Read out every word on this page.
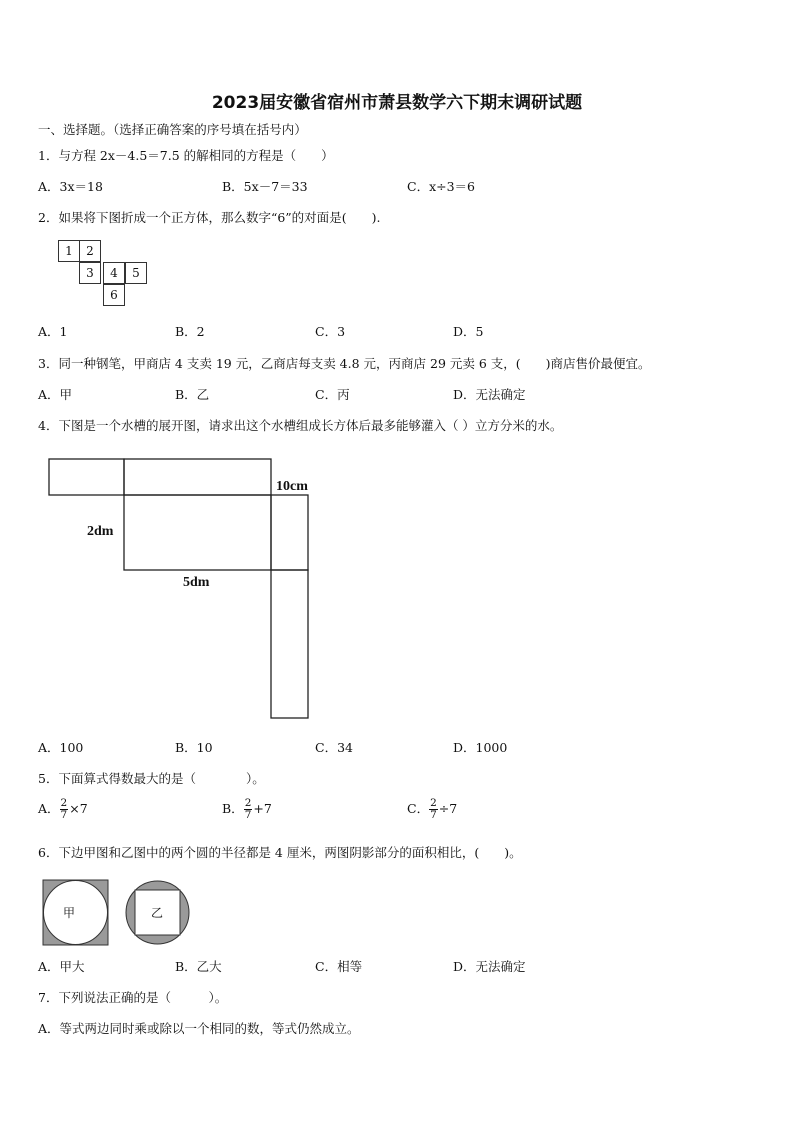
2023届安徽省宿州市萧县数学六下期末调研试题
一、选择题。（选择正确答案的序号填在括号内）
1．与方程 2x－4.5＝7.5 的解相同的方程是（　　）
A．3x＝18	B．5x－7＝33	C．x÷3＝6
2．如果将下图折成一个正方体，那么数字“6”的对面是(　　).
1	2
3	4	5
6
A．1	B．2	C．3	D．5
3．同一种钢笔，甲商店 4 支卖 19 元，乙商店每支卖 4.8 元，丙商店 29 元卖 6 支，(　　)商店售价最便宜。
A．甲	B．乙	C．丙	D．无法确定
4．下图是一个水槽的展开图，请求出这个水槽组成长方体后最多能够灌入（ ）立方分米的水。
10cm
2dm
5dm
A．100	B．10	C．34	D．1000
5．下面算式得数最大的是（　　　　）。
A． $\frac{2}{7} \times 7$	B． $\frac{2}{7} +7$	C． $\frac{2}{7} \div 7$
6．下边甲图和乙图中的两个圆的半径都是 4 厘米，两图阴影部分的面积相比，(　　)。
甲	乙
A．甲大	B．乙大	C．相等	D．无法确定
7．下列说法正确的是（　　　）。
A．等式两边同时乘或除以一个相同的数，等式仍然成立。
